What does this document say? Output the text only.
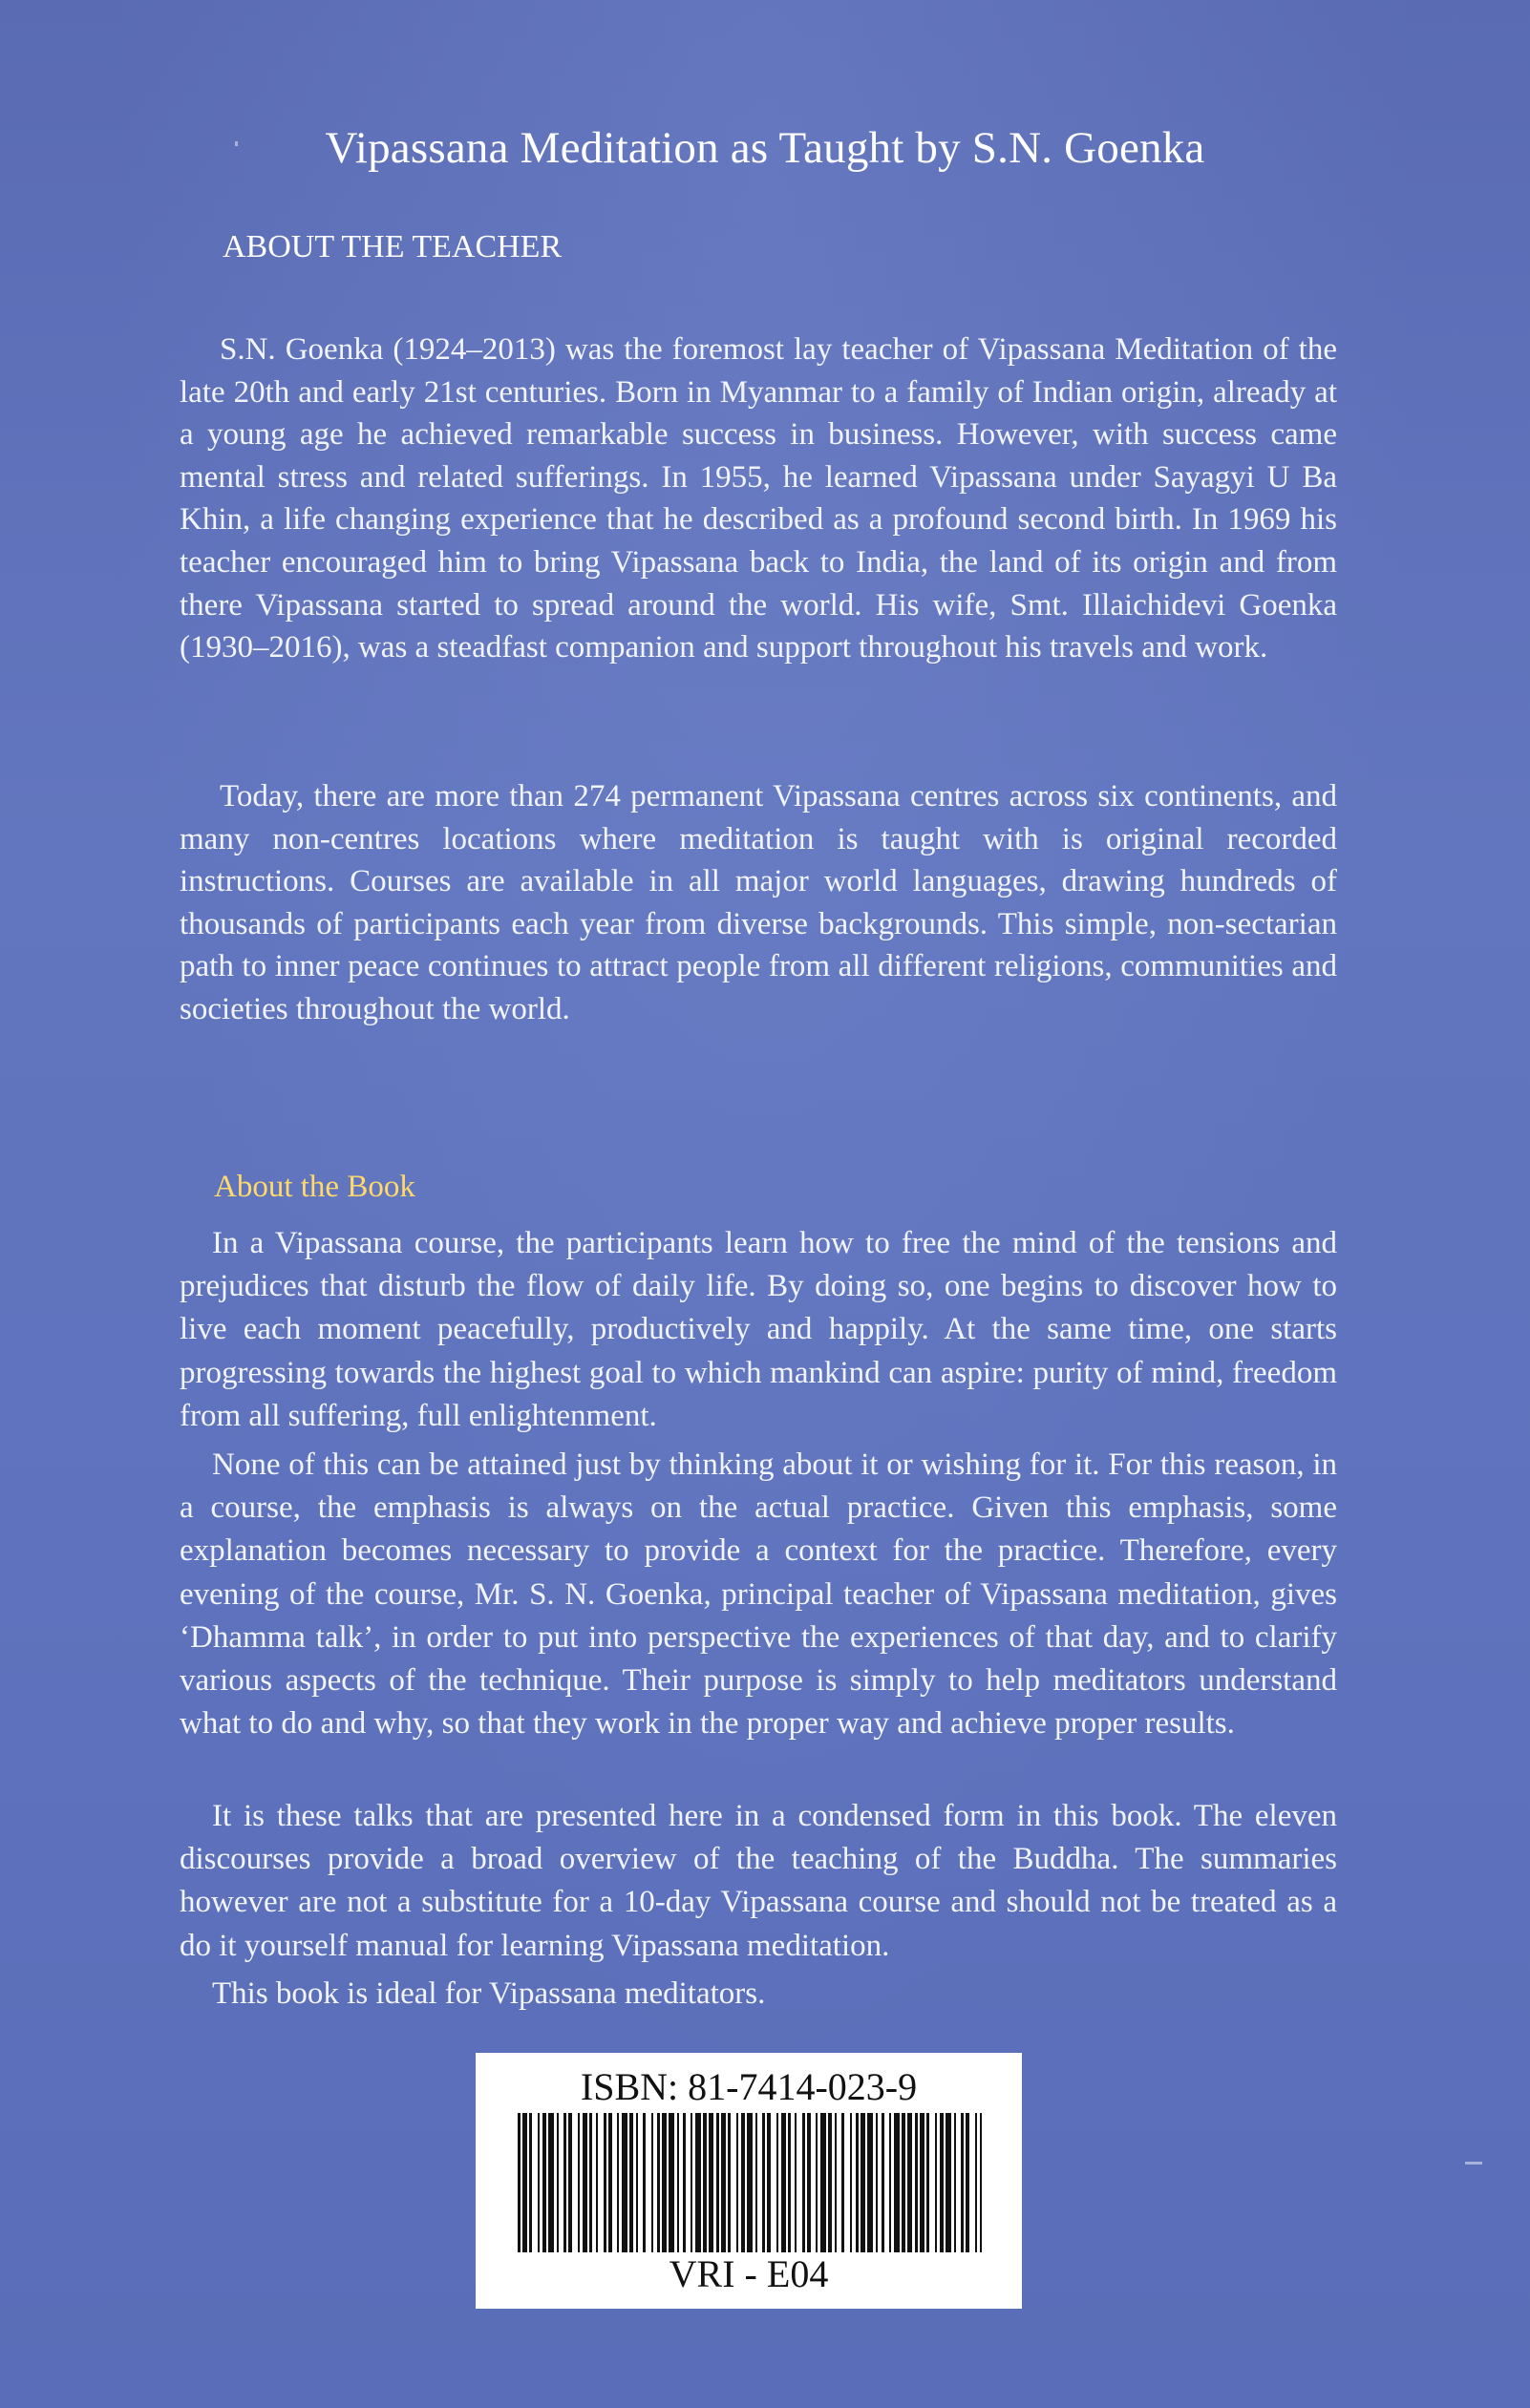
Vipassana Meditation as Taught by S.N. Goenka
ABOUT THE TEACHER
S.N. Goenka (1924–2013) was the foremost lay teacher of Vipassana Meditation of the late 20th and early 21st centuries. Born in Myanmar to a family of Indian origin, already at a young age he achieved remarkable success in business. However, with success came mental stress and related sufferings. In 1955, he learned Vipassana under Sayagyi U Ba Khin, a life changing experience that he described as a profound second birth. In 1969 his teacher encouraged him to bring Vipassana back to India, the land of its origin and from there Vipassana started to spread around the world. His wife, Smt. Illaichidevi Goenka (1930–2016), was a steadfast companion and support throughout his travels and work.
Today, there are more than 274 permanent Vipassana centres across six continents, and many non-centres locations where meditation is taught with is original recorded instructions. Courses are available in all major world languages, drawing hundreds of thousands of participants each year from diverse backgrounds. This simple, non-sectarian path to inner peace continues to attract people from all different religions, communities and societies throughout the world.
About the Book
In a Vipassana course, the participants learn how to free the mind of the tensions and prejudices that disturb the flow of daily life. By doing so, one begins to discover how to live each moment peacefully, productively and happily. At the same time, one starts progressing towards the highest goal to which mankind can aspire: purity of mind, freedom from all suffering, full enlightenment.
None of this can be attained just by thinking about it or wishing for it. For this reason, in a course, the emphasis is always on the actual practice. Given this emphasis, some explanation becomes necessary to provide a context for the practice. Therefore, every evening of the course, Mr. S. N. Goenka, principal teacher of Vipassana meditation, gives ‘Dhamma talk’, in order to put into perspective the experiences of that day, and to clarify various aspects of the technique. Their purpose is simply to help meditators understand what to do and why, so that they work in the proper way and achieve proper results.
It is these talks that are presented here in a condensed form in this book. The eleven discourses provide a broad overview of the teaching of the Buddha. The summaries however are not a substitute for a 10-day Vipassana course and should not be treated as a do it yourself manual for learning Vipassana meditation.
This book is ideal for Vipassana meditators.
ISBN: 81-7414-023-9
VRI - E04
